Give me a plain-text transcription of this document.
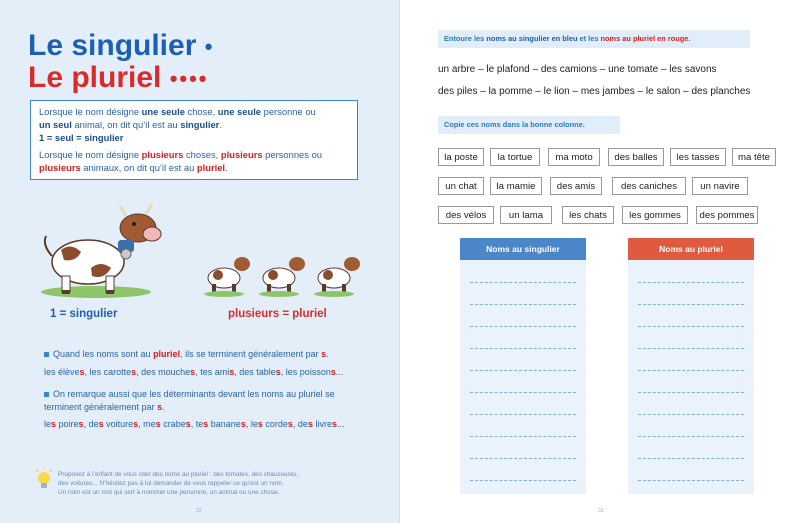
Le singulier •
Le pluriel ••••
Lorsque le nom désigne une seule chose, une seule personne ou
un seul animal, on dit qu’il est au singulier.
1 = seul = singulier
Lorsque le nom désigne plusieurs choses, plusieurs personnes ou
plusieurs animaux, on dit qu’il est au pluriel.
1 = singulier	plusieurs = pluriel
Quand les noms sont au pluriel, ils se terminent généralement par s.
les élèves, les carottes, des mouches, tes amis, des tables, les poissons...
On remarque aussi que les déterminants devant les noms au pluriel se
terminent généralement par s.
les poires, des voitures, mes crabes, tes bananes, les cordes, des livres...
Proposez à l’enfant de vous citer des noms au pluriel : des tomates, des chaussures,
des voitures... N’hésitez pas à lui demander de vous rappeler ce qu’est un nom.
Un nom est un mot qui sert à nommer une personne, un animal ou une chose.
32
Entoure les noms au singulier en bleu et les noms au pluriel en rouge.
un arbre – le plafond – des camions – une tomate – les savons
des piles – la pomme – le lion – mes jambes – le salon – des planches
Copie ces noms dans la bonne colonne.
la poste	la tortue	ma moto	des balles	les tasses	ma tête
un chat	la mamie	des amis	des caniches	un navire
des vélos	un lama	les chats	les gommes	des pommes
Noms au singulier	Noms au pluriel
33
